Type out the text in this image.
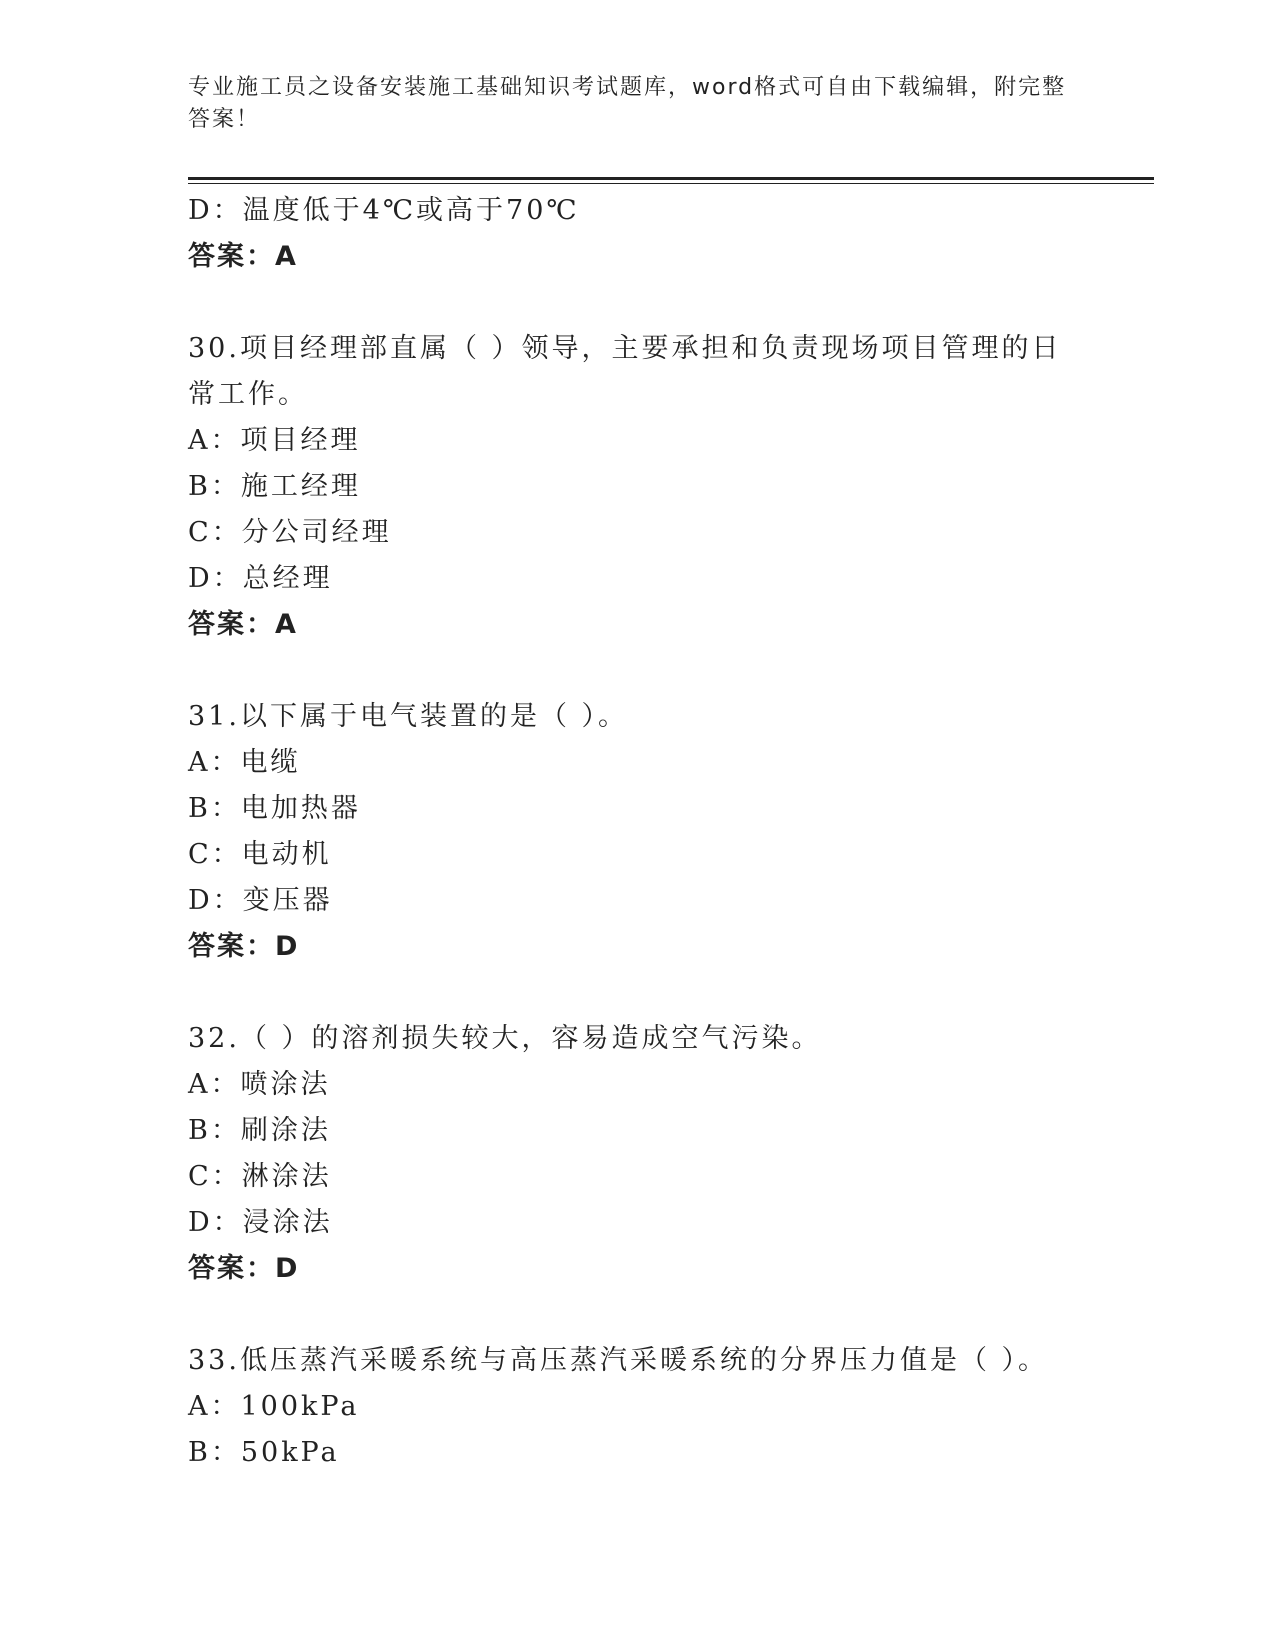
专业施工员之设备安装施工基础知识考试题库，word格式可自由下载编辑，附完整答案！
D：温度低于4℃或高于70℃
答案：A
30.项目经理部直属（ ）领导，主要承担和负责现场项目管理的日常工作。
A：项目经理
B：施工经理
C：分公司经理
D：总经理
答案：A
31.以下属于电气装置的是（ ）。
A：电缆
B：电加热器
C：电动机
D：变压器
答案：D
32.（ ）的溶剂损失较大，容易造成空气污染。
A：喷涂法
B：刷涂法
C：淋涂法
D：浸涂法
答案：D
33.低压蒸汽采暖系统与高压蒸汽采暖系统的分界压力值是（ ）。
A：100kPa
B：50kPa
